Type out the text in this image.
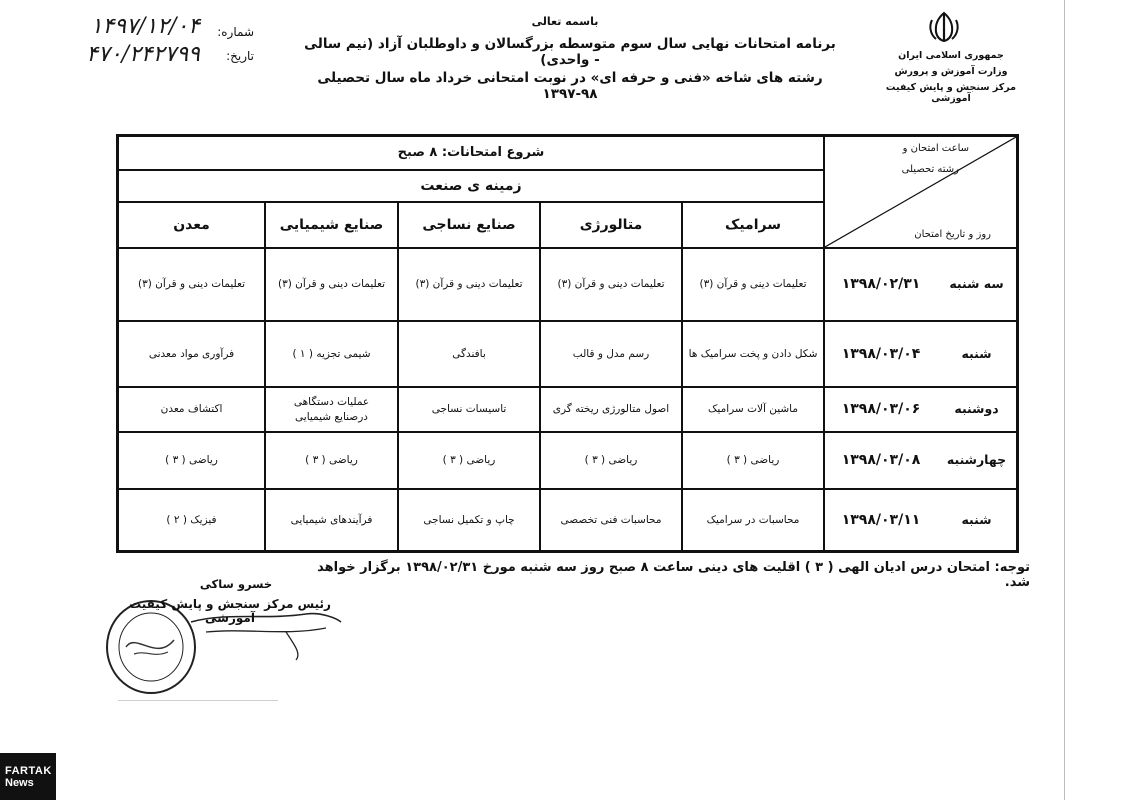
باسمه تعالی
برنامه امتحانات نهایی سال سوم متوسطه بزرگسالان و داوطلبان آزاد (نیم سالی - واحدی)
رشته های شاخه «فنی و حرفه ای» در نوبت امتحانی خرداد ماه سال تحصیلی ۹۸-۱۳۹۷
جمهوری اسلامی ایران
وزارت آموزش و پرورش
مرکز سنجش و پایش کیفیت آموزشی
شماره:
تاریخ:
۱۴۹۷/۱۲/۰۴
۴۷۰/۲۴۲۷۹۹
ساعت امتحان و
رشته تحصیلی
روز و تاریخ امتحان
شروع امتحانات: ۸ صبح
زمینه ی صنعت
سرامیک
متالورژی
صنایع نساجی
صنایع شیمیایی
معدن
سه شنبه
۱۳۹۸/۰۲/۳۱
تعلیمات دینی و قرآن (۳)
تعلیمات دینی و قرآن (۳)
تعلیمات دینی و قرآن (۳)
تعلیمات دینی و قرآن (۳)
تعلیمات دینی و قرآن (۳)
شنبه
۱۳۹۸/۰۳/۰۴
شکل دادن و پخت سرامیک ها
رسم مدل و قالب
بافندگی
شیمی تجزیه ( ۱ )
فرآوری مواد معدنی
دوشنبه
۱۳۹۸/۰۳/۰۶
ماشین آلات سرامیک
اصول متالورژی ریخته گری
تاسیسات نساجی
عملیات دستگاهی درصنایع شیمیایی
اکتشاف معدن
چهارشنبه
۱۳۹۸/۰۳/۰۸
ریاضی ( ۳ )
ریاضی ( ۳ )
ریاضی ( ۳ )
ریاضی ( ۳ )
ریاضی ( ۳ )
شنبه
۱۳۹۸/۰۳/۱۱
محاسبات در سرامیک
محاسبات فنی تخصصی
چاپ و تکمیل نساجی
فرآیندهای شیمیایی
فیزیک ( ۲ )
توجه: امتحان درس ادیان الهی ( ۳ ) اقلیت های دینی ساعت ۸ صبح روز سه شنبه مورخ ۱۳۹۸/۰۲/۳۱ برگزار خواهد شد.
خسرو ساکی
رئیس مرکز سنجش و پایش کیفیت آموزشی
FARTAK
News
